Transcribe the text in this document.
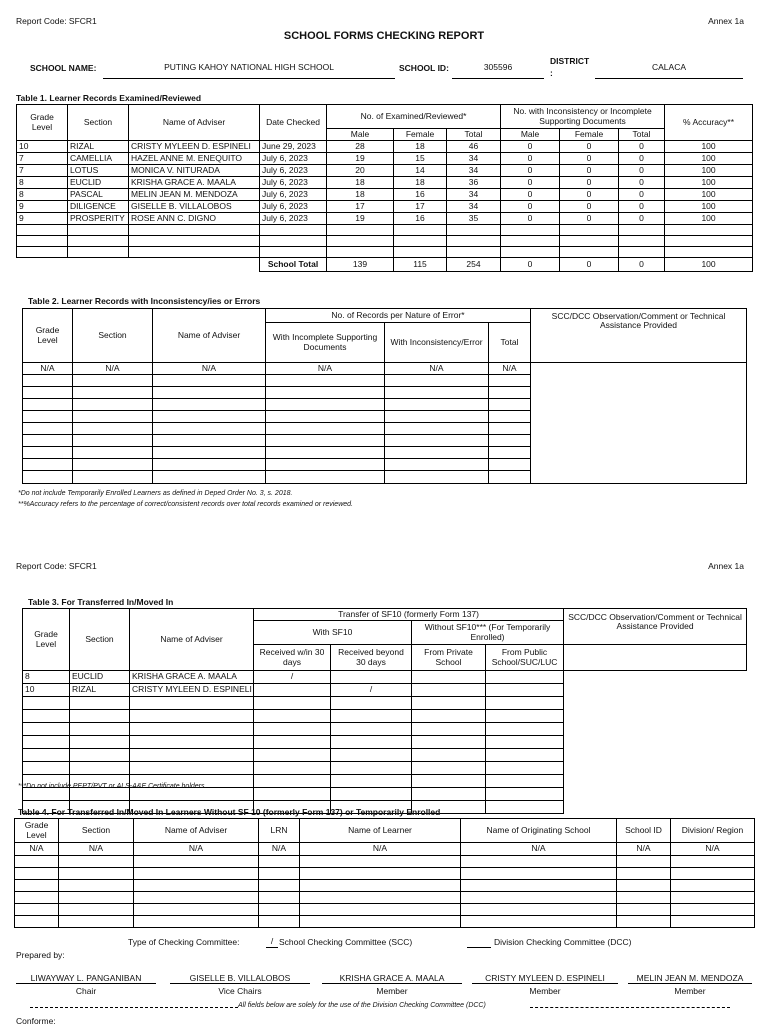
Report Code: SFCR1	Annex 1a
SCHOOL FORMS CHECKING REPORT
SCHOOL NAME:	PUTING KAHOY NATIONAL HIGH SCHOOL	SCHOOL ID:	305596
DISTRICT
:
CALACA
Table 1. Learner Records Examined/Reviewed
Grade Level	Section	Name of Adviser	Date Checked	No. of Examined/Reviewed*			No. with Inconsistency or Incomplete Supporting Documents			% Accuracy**
				Male	Female	Total	Male	Female	Total	
10	RIZAL	CRISTY MYLEEN D. ESPINELI	June 29, 2023	28	18	46	0	0	0	100
7	CAMELLIA	HAZEL ANNE M. ENEQUITO	July 6, 2023	19	15	34	0	0	0	100
7	LOTUS	MONICA V. NITURADA	July 6, 2023	20	14	34	0	0	0	100
8	EUCLID	KRISHA GRACE A. MAALA	July 6, 2023	18	18	36	0	0	0	100
8	PASCAL	MELIN JEAN M. MENDOZA	July 6, 2023	18	16	34	0	0	0	100
9	DILIGENCE	GISELLE B. VILLALOBOS	July 6, 2023	17	17	34	0	0	0	100
9	PROSPERITY	ROSE ANN C. DIGNO	July 6, 2023	19	16	35	0	0	0	100

			School Total	139	115	254	0	0	0	100
Table 2. Learner Records with Inconsistency/ies or Errors
Grade Level	Section	Name of Adviser	No. of Records per Nature of Error*			SCC/DCC Observation/Comment or Technical Assistance Provided
			With Incomplete Supporting Documents	With Inconsistency/Error	Total	
N/A	N/A	N/A	N/A	N/A	N/A	

*Do not include Temporarily Enrolled Learners as defined in Deped Order No. 3, s. 2018.
**%Accuracy refers to the percentage of correct/consistent records over total records examined or reviewed.
Report Code: SFCR1	Annex 1a
Table 3. For Transferred In/Moved In
Grade Level	Section	Name of Adviser	Transfer of SF10 (formerly Form 137)				SCC/DCC Observation/Comment or Technical Assistance Provided
			With SF10		Without SF10*** (For Temporarily Enrolled)		
			Received w/in 30 days	Received beyond 30 days	From Private School	From Public School/SUC/LUC	
8	EUCLID	KRISHA GRACE A. MAALA	/				
10	RIZAL	CRISTY MYLEEN D. ESPINELI		/			

***Do not include PEPT/PVT or ALS-A&E Certificate holders.
Table 4. For Transferred In/Moved In Learners Without SF 10 (formerly Form 137) or Temporarily Enrolled
Grade Level	Section	Name of Adviser	LRN	Name of Learner	Name of Originating School	School ID	Division/ Region
N/A	N/A	N/A	N/A	N/A	N/A	N/A	N/A

Type of Checking Committee:	/ School Checking Committee (SCC)	Division Checking Committee (DCC)
Prepared by:
LIWAYWAY L. PANGANIBAN
Chair
GISELLE B. VILLALOBOS
Vice Chairs
KRISHA GRACE A. MAALA
Member
CRISTY MYLEEN D. ESPINELI
Member
MELIN JEAN M. MENDOZA
Member
All fields below are solely for the use of the Division Checking Committee (DCC)
Conforme:
